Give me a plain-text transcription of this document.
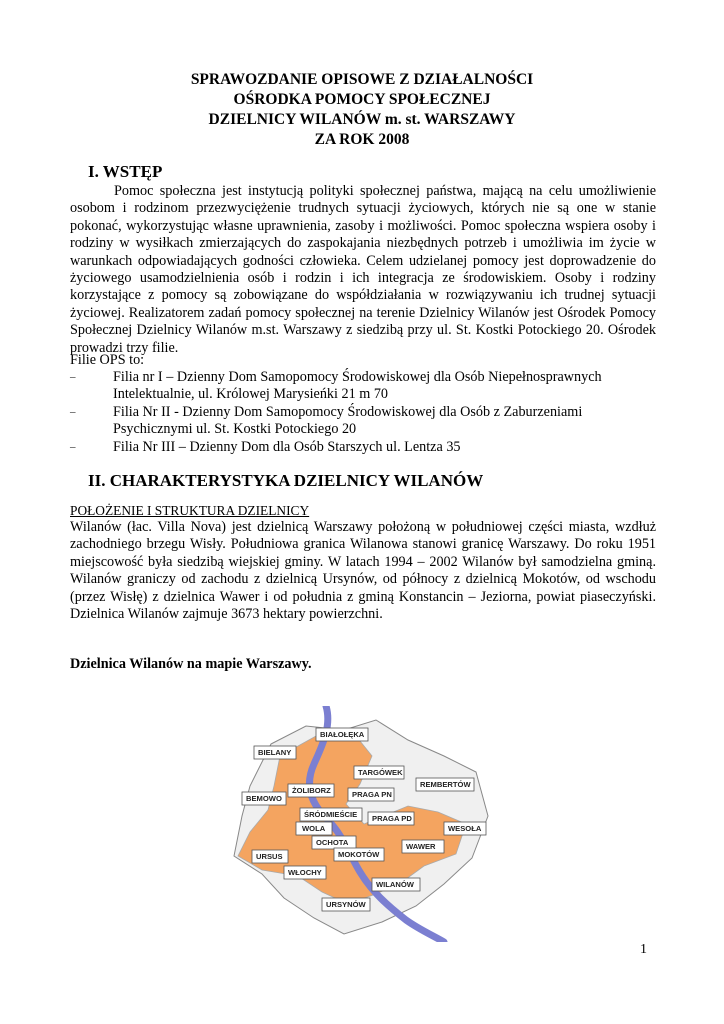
SPRAWOZDANIE OPISOWE Z DZIAŁALNOŚCI
OŚRODKA POMOCY SPOŁECZNEJ
DZIELNICY WILANÓW m. st. WARSZAWY
ZA ROK 2008
I. WSTĘP
Pomoc społeczna jest instytucją polityki społecznej państwa, mającą na celu umożliwienie osobom i rodzinom przezwyciężenie trudnych sytuacji życiowych, których nie są one w stanie pokonać, wykorzystując własne uprawnienia, zasoby i możliwości. Pomoc społeczna wspiera osoby i rodziny w wysiłkach zmierzających do zaspokajania niezbędnych potrzeb i umożliwia im życie w warunkach odpowiadających godności człowieka. Celem udzielanej pomocy jest doprowadzenie do życiowego usamodzielnienia osób i rodzin i ich integracja ze środowiskiem. Osoby i rodziny korzystające z pomocy są zobowiązane do współdziałania w rozwiązywaniu ich trudnej sytuacji życiowej. Realizatorem zadań pomocy społecznej na terenie Dzielnicy Wilanów jest Ośrodek Pomocy Społecznej Dzielnicy Wilanów m.st. Warszawy z siedzibą przy ul. St. Kostki Potockiego 20. Ośrodek prowadzi trzy filie.
Filie OPS to:
–	Filia nr I – Dzienny Dom Samopomocy Środowiskowej dla Osób Niepełnosprawnych Intelektualnie, ul. Królowej Marysieńki 21 m 70
–	Filia Nr II - Dzienny Dom Samopomocy Środowiskowej dla Osób z Zaburzeniami Psychicznymi ul. St. Kostki Potockiego 20
–	Filia Nr III – Dzienny Dom dla Osób Starszych ul. Lentza 35
II. CHARAKTERYSTYKA DZIELNICY WILANÓW
POŁOŻENIE I STRUKTURA DZIELNICY
Wilanów (łac. Villa Nova) jest dzielnicą Warszawy położoną w południowej części miasta, wzdłuż zachodniego brzegu Wisły. Południowa granica Wilanowa stanowi granicę Warszawy. Do roku 1951 miejscowość była siedzibą wiejskiej gminy. W latach 1994 – 2002 Wilanów był samodzielna gminą. Wilanów graniczy od zachodu z dzielnicą Ursynów, od północy z dzielnicą Mokotów, od wschodu (przez Wisłę) z dzielnica Wawer i od południa z gminą Konstancin – Jeziorna, powiat piaseczyński. Dzielnica Wilanów zajmuje 3673 hektary powierzchni.
Dzielnica Wilanów na mapie Warszawy.
BIAŁOŁĘKA
BIELANY
TARGÓWEK
REMBERTÓW
ŻOLIBORZ	PRAGA PN
BEMOWO
ŚRÓDMIEŚCIE PRAGA PD
WOLA	WESOŁA
OCHOTA
URSUS	MOKOTÓW
WAWER
WŁOCHY
WILANÓW
URSYNÓW
1
